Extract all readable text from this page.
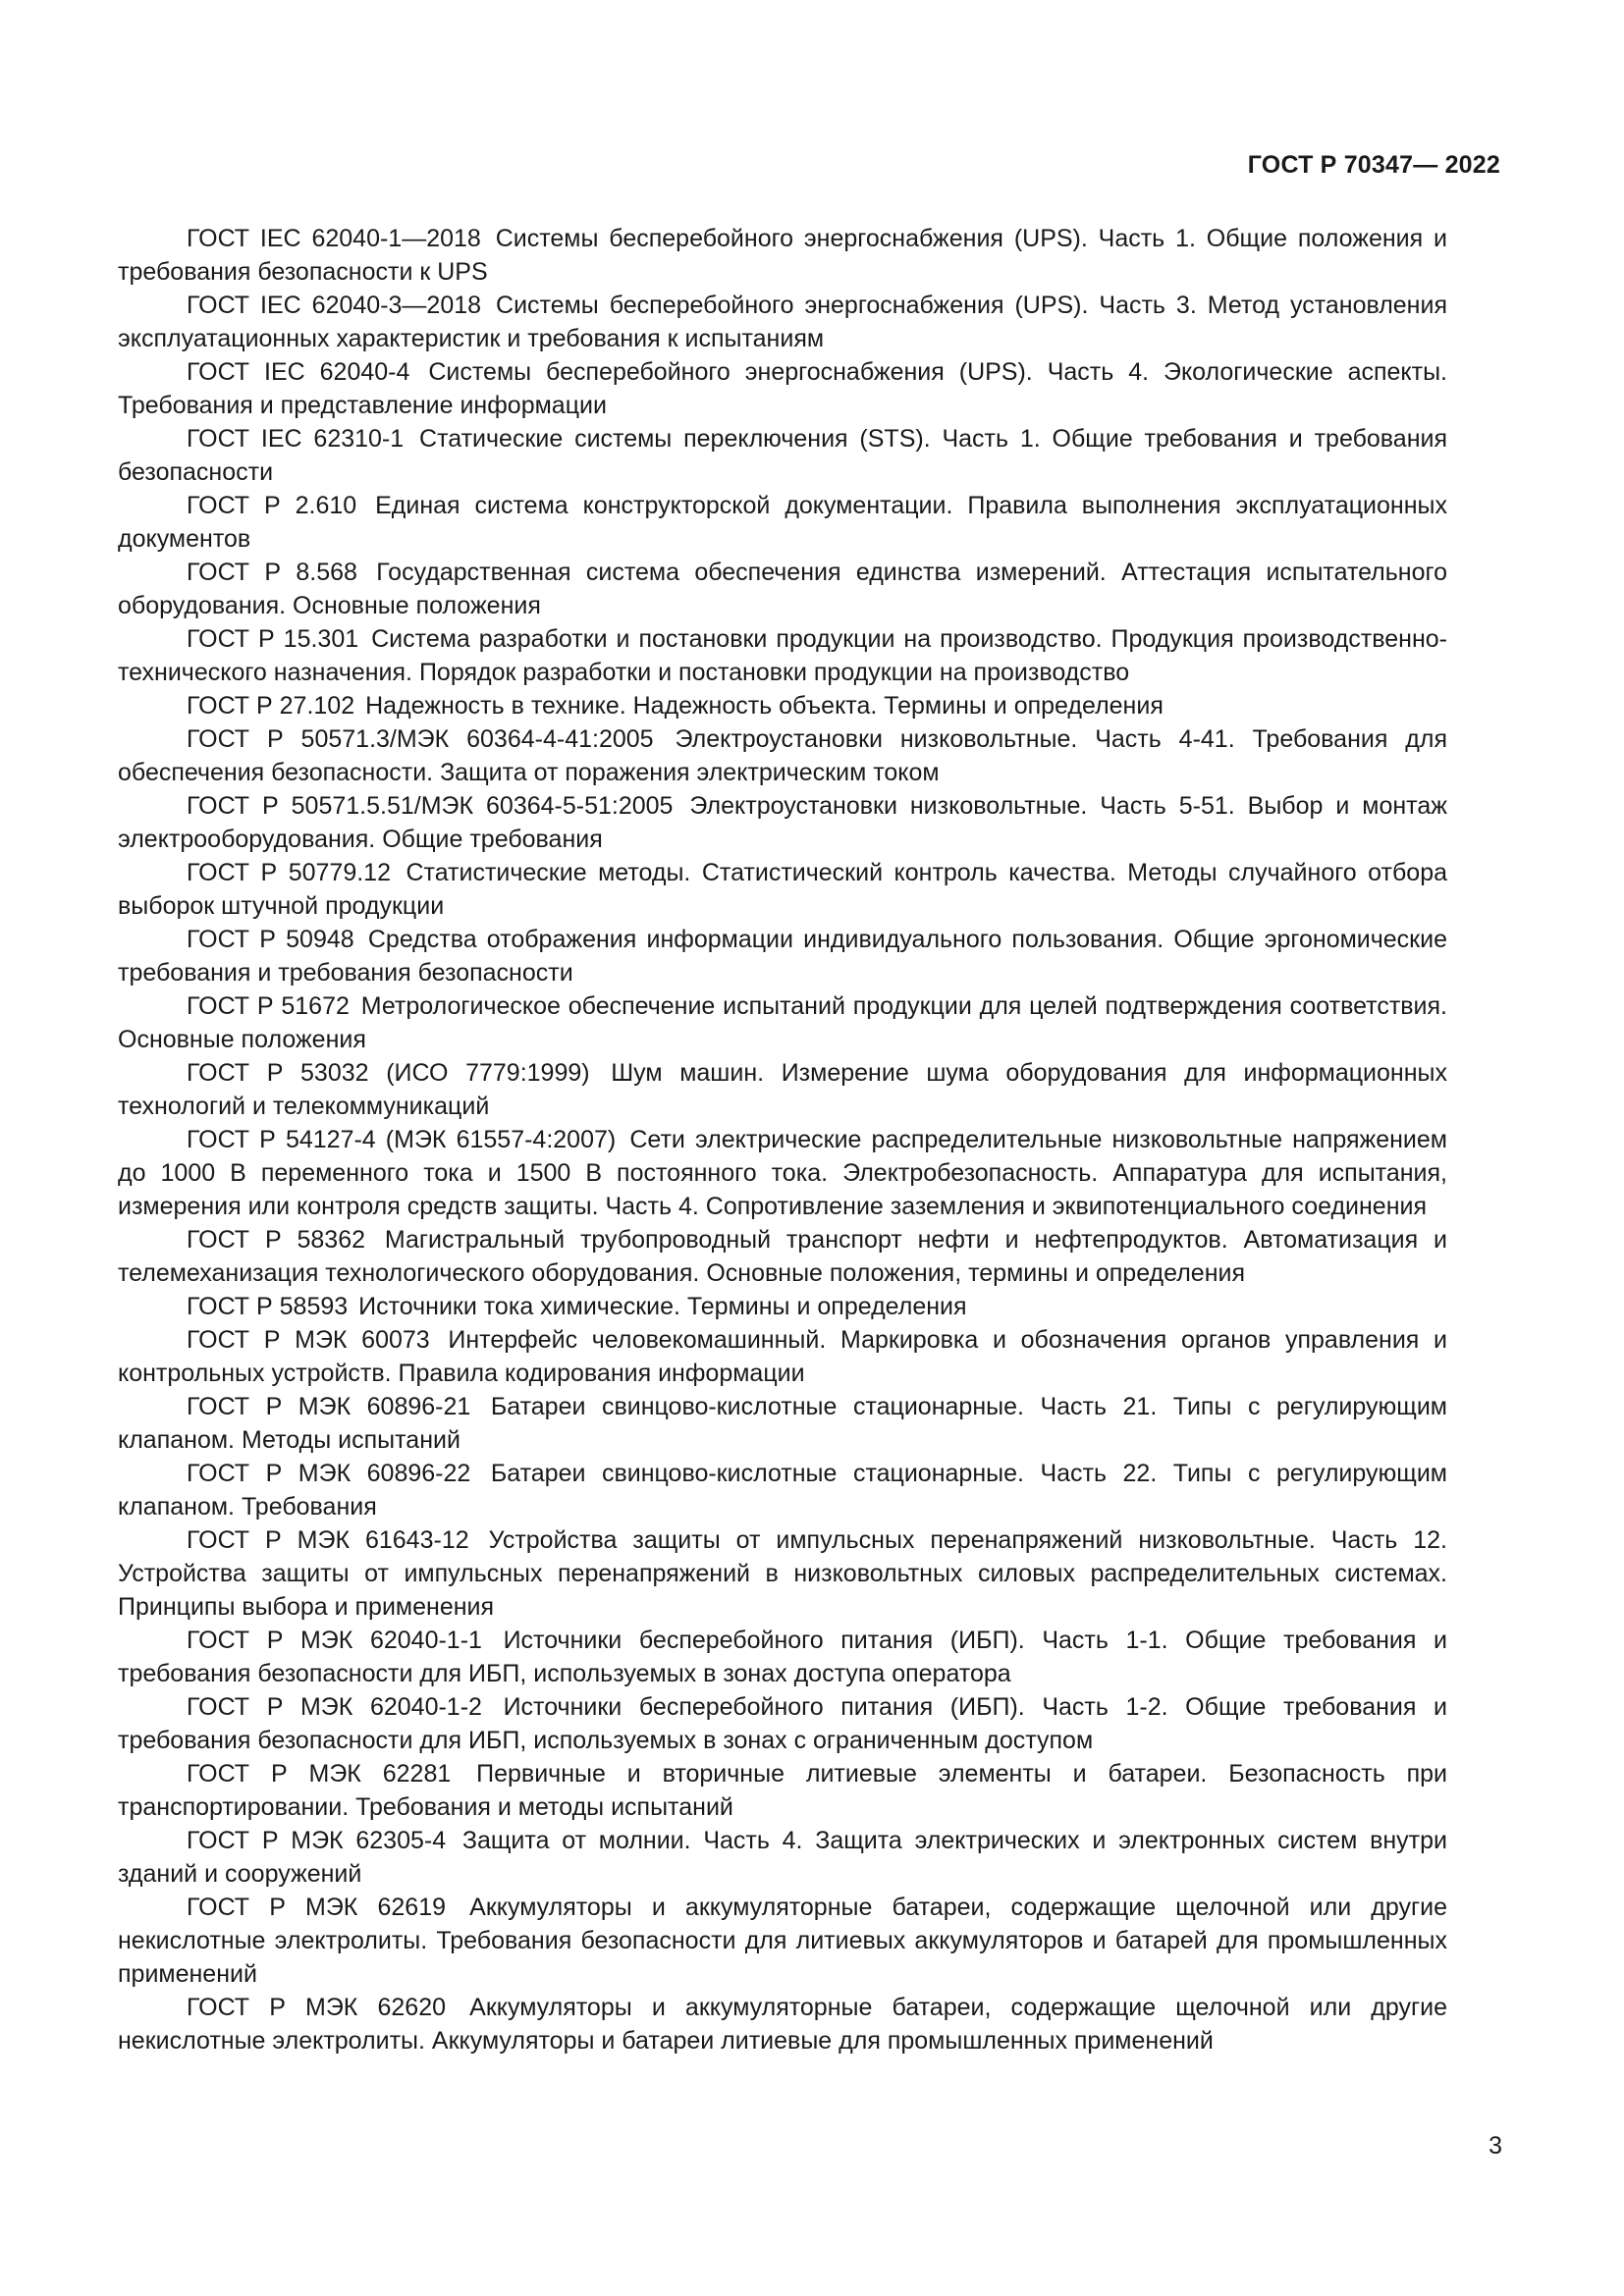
ГОСТ Р 70347— 2022

ГОСТ IEC 62040-1—2018 Системы бесперебойного энергоснабжения (UPS). Часть 1. Общие положения и требования безопасности к UPS

ГОСТ IEC 62040-3—2018 Системы бесперебойного энергоснабжения (UPS). Часть 3. Метод установления эксплуатационных характеристик и требования к испытаниям

ГОСТ IEC 62040-4 Системы бесперебойного энергоснабжения (UPS). Часть 4. Экологические аспекты. Требования и представление информации

ГОСТ IEC 62310-1 Статические системы переключения (STS). Часть 1. Общие требования и требования безопасности

ГОСТ Р 2.610 Единая система конструкторской документации. Правила выполнения эксплуатационных документов

ГОСТ Р 8.568 Государственная система обеспечения единства измерений. Аттестация испытательного оборудования. Основные положения

ГОСТ Р 15.301 Система разработки и постановки продукции на производство. Продукция производственно-технического назначения. Порядок разработки и постановки продукции на производство

ГОСТ Р 27.102 Надежность в технике. Надежность объекта. Термины и определения

ГОСТ Р 50571.3/МЭК 60364-4-41:2005 Электроустановки низковольтные. Часть 4-41. Требования для обеспечения безопасности. Защита от поражения электрическим током

ГОСТ Р 50571.5.51/МЭК 60364-5-51:2005 Электроустановки низковольтные. Часть 5-51. Выбор и монтаж электрооборудования. Общие требования

ГОСТ Р 50779.12 Статистические методы. Статистический контроль качества. Методы случайного отбора выборок штучной продукции

ГОСТ Р 50948 Средства отображения информации индивидуального пользования. Общие эргономические требования и требования безопасности

ГОСТ Р 51672 Метрологическое обеспечение испытаний продукции для целей подтверждения соответствия. Основные положения

ГОСТ Р 53032 (ИСО 7779:1999) Шум машин. Измерение шума оборудования для информационных технологий и телекоммуникаций

ГОСТ Р 54127-4 (МЭК 61557-4:2007) Сети электрические распределительные низковольтные напряжением до 1000 В переменного тока и 1500 В постоянного тока. Электробезопасность. Аппаратура для испытания, измерения или контроля средств защиты. Часть 4. Сопротивление заземления и эквипотенциального соединения

ГОСТ Р 58362 Магистральный трубопроводный транспорт нефти и нефтепродуктов. Автоматизация и телемеханизация технологического оборудования. Основные положения, термины и определения

ГОСТ Р 58593 Источники тока химические. Термины и определения

ГОСТ Р МЭК 60073 Интерфейс человекомашинный. Маркировка и обозначения органов управления и контрольных устройств. Правила кодирования информации

ГОСТ Р МЭК 60896-21 Батареи свинцово-кислотные стационарные. Часть 21. Типы с регулирующим клапаном. Методы испытаний

ГОСТ Р МЭК 60896-22 Батареи свинцово-кислотные стационарные. Часть 22. Типы с регулирующим клапаном. Требования

ГОСТ Р МЭК 61643-12 Устройства защиты от импульсных перенапряжений низковольтные. Часть 12. Устройства защиты от импульсных перенапряжений в низковольтных силовых распределительных системах. Принципы выбора и применения

ГОСТ Р МЭК 62040-1-1 Источники бесперебойного питания (ИБП). Часть 1-1. Общие требования и требования безопасности для ИБП, используемых в зонах доступа оператора

ГОСТ Р МЭК 62040-1-2 Источники бесперебойного питания (ИБП). Часть 1-2. Общие требования и требования безопасности для ИБП, используемых в зонах с ограниченным доступом

ГОСТ Р МЭК 62281 Первичные и вторичные литиевые элементы и батареи. Безопасность при транспортировании. Требования и методы испытаний

ГОСТ Р МЭК 62305-4 Защита от молнии. Часть 4. Защита электрических и электронных систем внутри зданий и сооружений

ГОСТ Р МЭК 62619 Аккумуляторы и аккумуляторные батареи, содержащие щелочной или другие некислотные электролиты. Требования безопасности для литиевых аккумуляторов и батарей для промышленных применений

ГОСТ Р МЭК 62620 Аккумуляторы и аккумуляторные батареи, содержащие щелочной или другие некислотные электролиты. Аккумуляторы и батареи литиевые для промышленных применений

3
